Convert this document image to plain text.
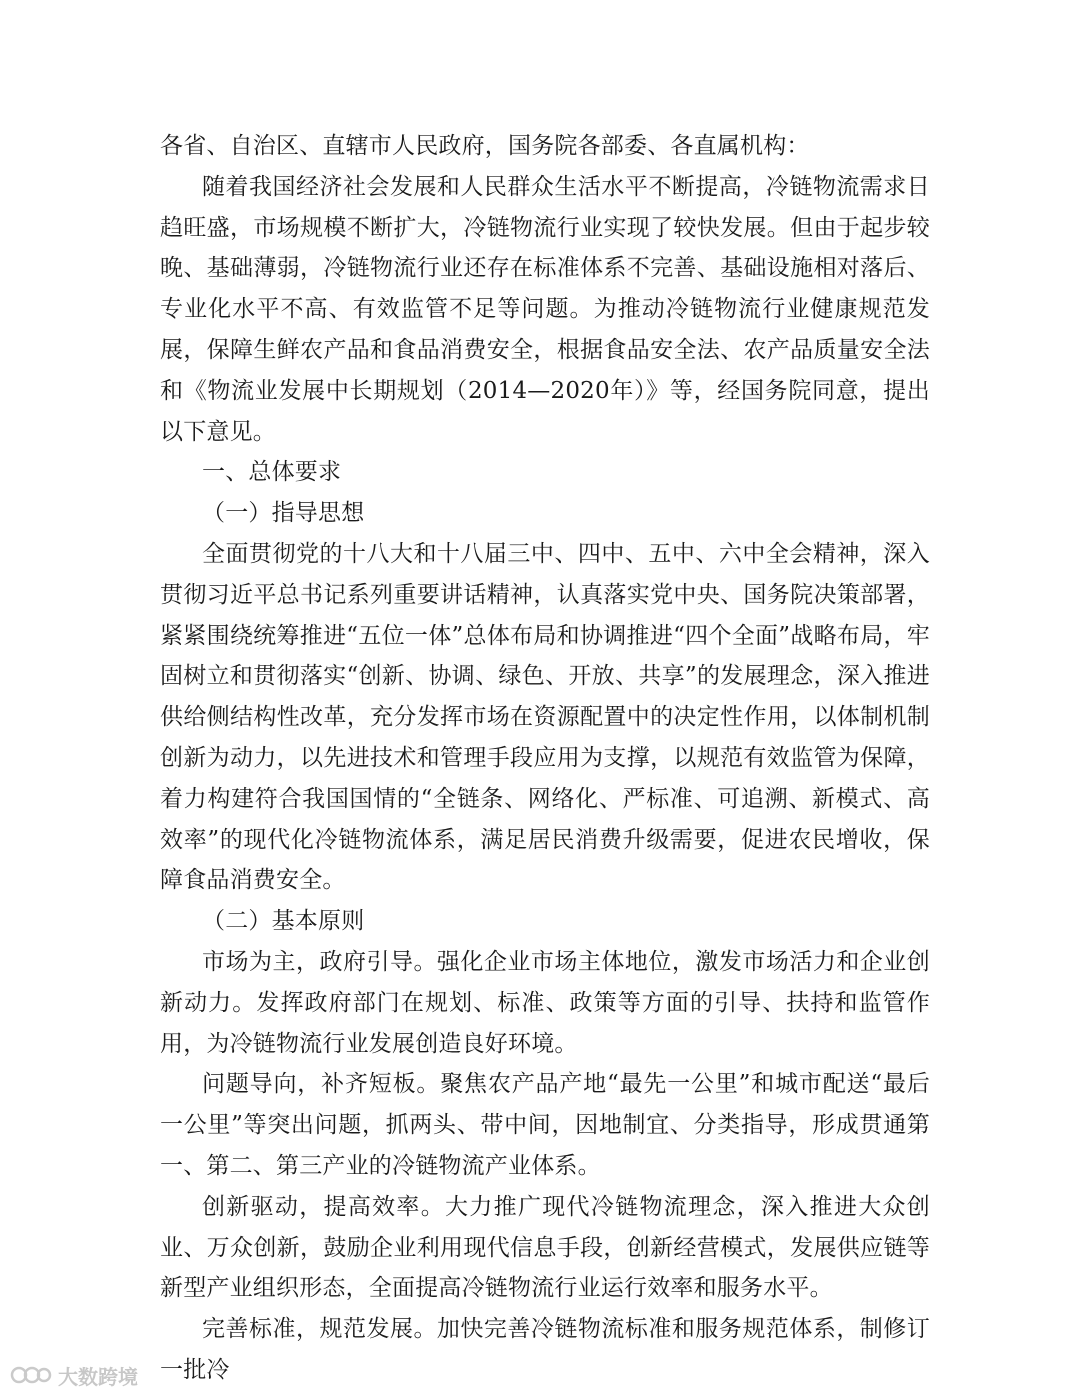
各省、自治区、直辖市人民政府，国务院各部委、各直属机构：

随着我国经济社会发展和人民群众生活水平不断提高，冷链物流需求日趋旺盛，市场规模不断扩大，冷链物流行业实现了较快发展。但由于起步较晚、基础薄弱，冷链物流行业还存在标准体系不完善、基础设施相对落后、专业化水平不高、有效监管不足等问题。为推动冷链物流行业健康规范发展，保障生鲜农产品和食品消费安全，根据食品安全法、农产品质量安全法和《物流业发展中长期规划（2014—2020年）》等，经国务院同意，提出以下意见。

一、总体要求

（一）指导思想

全面贯彻党的十八大和十八届三中、四中、五中、六中全会精神，深入贯彻习近平总书记系列重要讲话精神，认真落实党中央、国务院决策部署，紧紧围绕统筹推进“五位一体”总体布局和协调推进“四个全面”战略布局，牢固树立和贯彻落实“创新、协调、绿色、开放、共享”的发展理念，深入推进供给侧结构性改革，充分发挥市场在资源配置中的决定性作用，以体制机制创新为动力，以先进技术和管理手段应用为支撑，以规范有效监管为保障，着力构建符合我国国情的“全链条、网络化、严标准、可追溯、新模式、高效率”的现代化冷链物流体系，满足居民消费升级需要，促进农民增收，保障食品消费安全。

（二）基本原则

市场为主，政府引导。强化企业市场主体地位，激发市场活力和企业创新动力。发挥政府部门在规划、标准、政策等方面的引导、扶持和监管作用，为冷链物流行业发展创造良好环境。

问题导向，补齐短板。聚焦农产品产地“最先一公里”和城市配送“最后一公里”等突出问题，抓两头、带中间，因地制宜、分类指导，形成贯通第一、第二、第三产业的冷链物流产业体系。

创新驱动，提高效率。大力推广现代冷链物流理念，深入推进大众创业、万众创新，鼓励企业利用现代信息手段，创新经营模式，发展供应链等新型产业组织形态，全面提高冷链物流行业运行效率和服务水平。

完善标准，规范发展。加快完善冷链物流标准和服务规范体系，制修订一批冷

大数跨境
